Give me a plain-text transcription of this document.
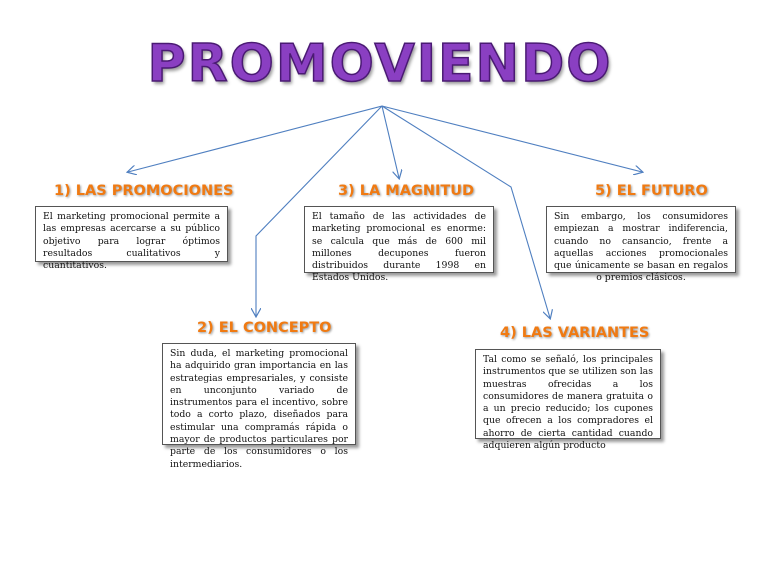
PROMOVIENDO
1) LAS PROMOCIONES
El marketing promocional permite a las empresas acercarse a su público objetivo para lograr óptimos resultados cualitativos y cuantitativos.
3) LA MAGNITUD
El tamaño de las actividades de marketing promocional es enorme: se calcula que más de 600 mil millones decupones fueron distribuidos durante 1998 en Estados Unidos.
5) EL FUTURO
Sin embargo, los consumidores empiezan a mostrar indiferencia, cuando no cansancio, frente a aquellas acciones promocionales que únicamente se basan en regalos o premios clásicos.
2) EL CONCEPTO
Sin duda, el marketing promocional ha adquirido gran importancia en las estrategias empresariales, y consiste en unconjunto variado de instrumentos para el incentivo, sobre todo a corto plazo, diseñados para estimular una compramás rápida o mayor de productos particulares por parte de los consumidores o los intermediarios.
4) LAS VARIANTES
Tal como se señaló, los principales instrumentos que se utilizen son las muestras ofrecidas a los consumidores de manera gratuita o a un precio reducido; los cupones que ofrecen a los compradores el ahorro de cierta cantidad cuando adquieren algún producto
